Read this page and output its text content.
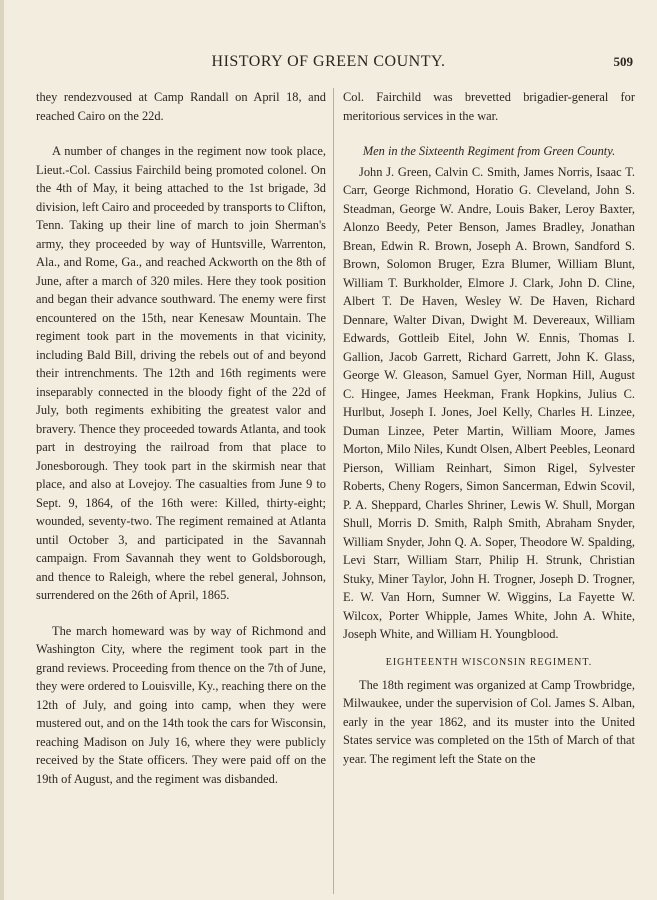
HISTORY OF GREEN COUNTY.	509

they rendezvoused at Camp Randall on April 18, and reached Cairo on the 22d.

A number of changes in the regiment now took place, Lieut.-Col. Cassius Fairchild being promoted colonel. On the 4th of May, it being attached to the 1st brigade, 3d division, left Cairo and proceeded by transports to Clifton, Tenn. Taking up their line of march to join Sherman's army, they proceeded by way of Huntsville, Warrenton, Ala., and Rome, Ga., and reached Ackworth on the 8th of June, after a march of 320 miles. Here they took position and began their advance southward. The enemy were first encountered on the 15th, near Kenesaw Mountain. The regiment took part in the movements in that vicinity, including Bald Bill, driving the rebels out of and beyond their intrenchments. The 12th and 16th regiments were inseparably connected in the bloody fight of the 22d of July, both regiments exhibiting the greatest valor and bravery. Thence they proceeded towards Atlanta, and took part in destroying the railroad from that place to Jonesborough. They took part in the skirmish near that place, and also at Lovejoy. The casualties from June 9 to Sept. 9, 1864, of the 16th were: Killed, thirty-eight; wounded, seventy-two. The regiment remained at Atlanta until October 3, and participated in the Savannah campaign. From Savannah they went to Goldsborough, and thence to Raleigh, where the rebel general, Johnson, surrendered on the 26th of April, 1865.

The march homeward was by way of Richmond and Washington City, where the regiment took part in the grand reviews. Proceeding from thence on the 7th of June, they were ordered to Louisville, Ky., reaching there on the 12th of July, and going into camp, when they were mustered out, and on the 14th took the cars for Wisconsin, reaching Madison on July 16, where they were publicly received by the State officers. They were paid off on the 19th of August, and the regiment was disbanded.

Col. Fairchild was brevetted brigadier-general for meritorious services in the war.

Men in the Sixteenth Regiment from Green County.

John J. Green, Calvin C. Smith, James Norris, Isaac T. Carr, George Richmond, Horatio G. Cleveland, John S. Steadman, George W. Andre, Louis Baker, Leroy Baxter, Alonzo Beedy, Peter Benson, James Bradley, Jonathan Brean, Edwin R. Brown, Joseph A. Brown, Sandford S. Brown, Solomon Bruger, Ezra Blumer, William Blunt, William T. Burkholder, Elmore J. Clark, John D. Cline, Albert T. De Haven, Wesley W. De Haven, Richard Dennare, Walter Divan, Dwight M. Devereaux, William Edwards, Gottleib Eitel, John W. Ennis, Thomas I. Gallion, Jacob Garrett, Richard Garrett, John K. Glass, George W. Gleason, Samuel Gyer, Norman Hill, August C. Hingee, James Heekman, Frank Hopkins, Julius C. Hurlbut, Joseph I. Jones, Joel Kelly, Charles H. Linzee, Duman Linzee, Peter Martin, William Moore, James Morton, Milo Niles, Kundt Olsen, Albert Peebles, Leonard Pierson, William Reinhart, Simon Rigel, Sylvester Roberts, Cheny Rogers, Simon Sancerman, Edwin Scovil, P. A. Sheppard, Charles Shriner, Lewis W. Shull, Morgan Shull, Morris D. Smith, Ralph Smith, Abraham Snyder, William Snyder, John Q. A. Soper, Theodore W. Spalding, Levi Starr, William Starr, Philip H. Strunk, Christian Stuky, Miner Taylor, John H. Trogner, Joseph D. Trogner, E. W. Van Horn, Sumner W. Wiggins, La Fayette W. Wilcox, Porter Whipple, James White, John A. White, Joseph White, and William H. Youngblood.

EIGHTEENTH WISCONSIN REGIMENT.

The 18th regiment was organized at Camp Trowbridge, Milwaukee, under the supervision of Col. James S. Alban, early in the year 1862, and its muster into the United States service was completed on the 15th of March of that year. The regiment left the State on the
